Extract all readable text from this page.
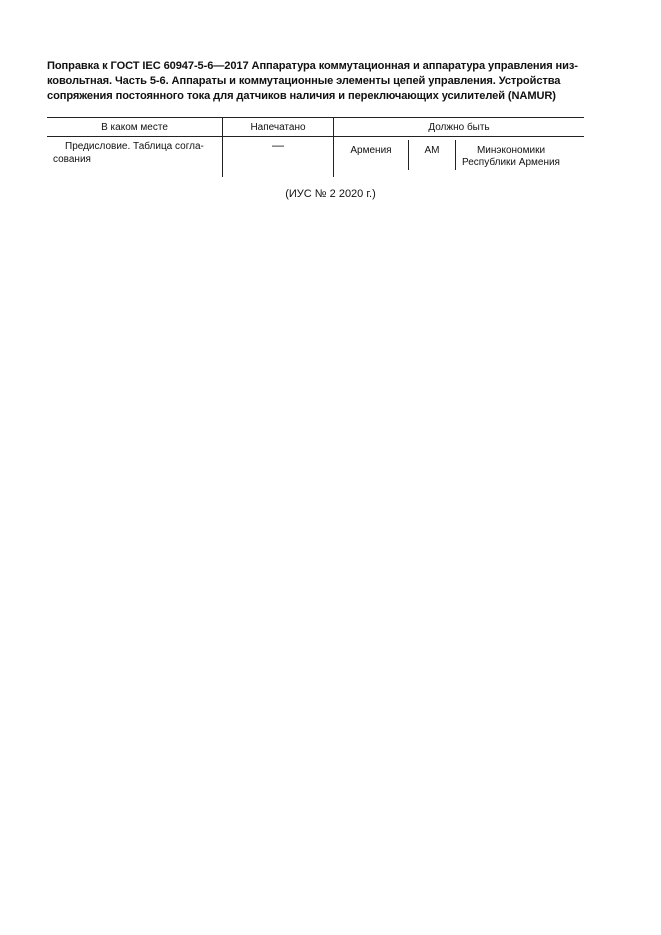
Поправка к ГОСТ IEC 60947-5-6—2017 Аппаратура коммутационная и аппаратура управления низ-
ковольтная. Часть 5-6. Аппараты и коммутационные элементы цепей управления. Устройства
сопряжения постоянного тока для датчиков наличия и переключающих усилителей (NAMUR)
В каком месте	Напечатано	Должно быть
Предисловие. Таблица согла-
сования
—	Армения	AM	Минэкономики
Республики Армения
(ИУС № 2 2020 г.)
